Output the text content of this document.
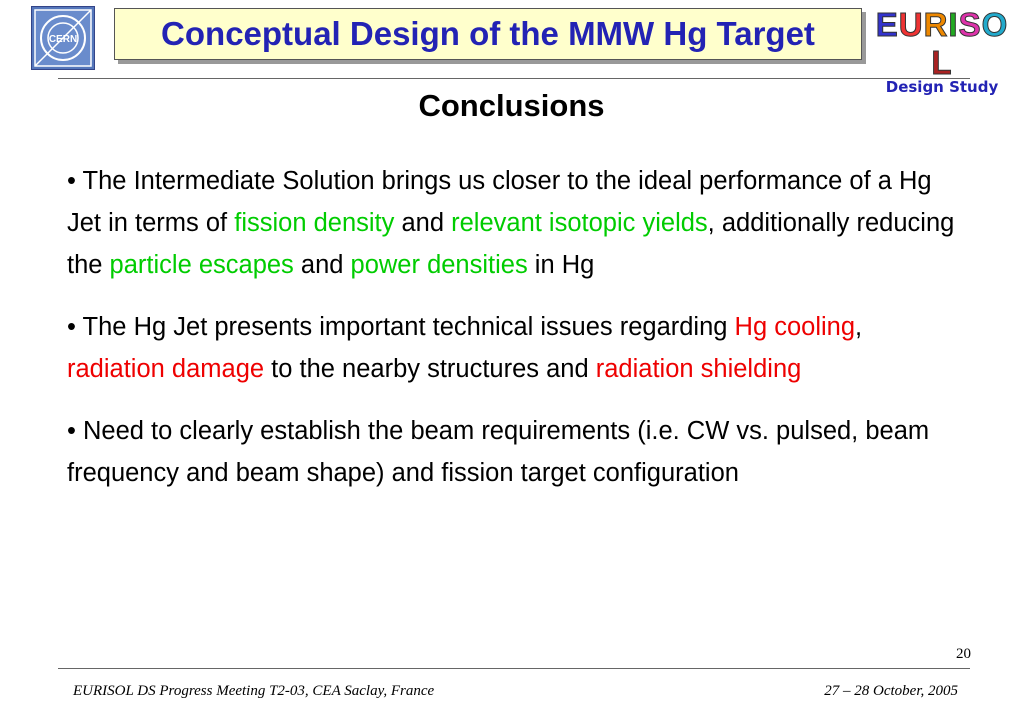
CERN	Conceptual Design of the MMW Hg Target EURISOL
Design Study
Conclusions

• The Intermediate Solution brings us closer to the ideal performance of a Hg Jet in terms of fission density and relevant isotopic yields, additionally reducing the particle escapes and power densities in Hg

• The Hg Jet presents important technical issues regarding Hg cooling, radiation damage to the nearby structures and radiation shielding

• Need to clearly establish the beam requirements (i.e. CW vs. pulsed, beam frequency and beam shape) and fission target configuration

20
EURISOL DS Progress Meeting T2-03, CEA Saclay, France	27 – 28 October, 2005
